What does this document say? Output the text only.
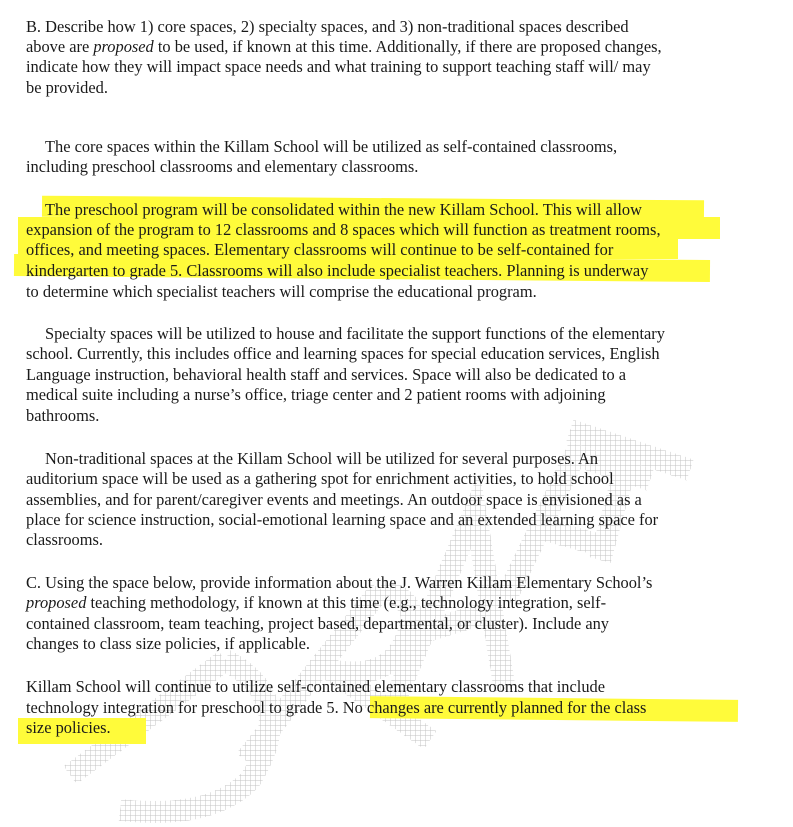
B. Describe how 1) core spaces, 2) specialty spaces, and 3) non-traditional spaces described
above are proposed to be used, if known at this time. Additionally, if there are proposed changes,
indicate how they will impact space needs and what training to support teaching staff will/ may
be provided.
The core spaces within the Killam School will be utilized as self-contained classrooms,
including preschool classrooms and elementary classrooms.
The preschool program will be consolidated within the new Killam School. This will allow
expansion of the program to 12 classrooms and 8 spaces which will function as treatment rooms,
offices, and meeting spaces. Elementary classrooms will continue to be self-contained for
kindergarten to grade 5. Classrooms will also include specialist teachers. Planning is underway
to determine which specialist teachers will comprise the educational program.
Specialty spaces will be utilized to house and facilitate the support functions of the elementary
school. Currently, this includes office and learning spaces for special education services, English
Language instruction, behavioral health staff and services. Space will also be dedicated to a
medical suite including a nurse’s office, triage center and 2 patient rooms with adjoining
bathrooms.
Non-traditional spaces at the Killam School will be utilized for several purposes. An
auditorium space will be used as a gathering spot for enrichment activities, to hold school
assemblies, and for parent/caregiver events and meetings. An outdoor space is envisioned as a
place for science instruction, social-emotional learning space and an extended learning space for
classrooms.
C. Using the space below, provide information about the J. Warren Killam Elementary School’s
proposed teaching methodology, if known at this time (e.g., technology integration, self-
contained classroom, team teaching, project based, departmental, or cluster). Include any
changes to class size policies, if applicable.
Killam School will continue to utilize self-contained elementary classrooms that include
technology integration for preschool to grade 5. No changes are currently planned for the class
size policies.
